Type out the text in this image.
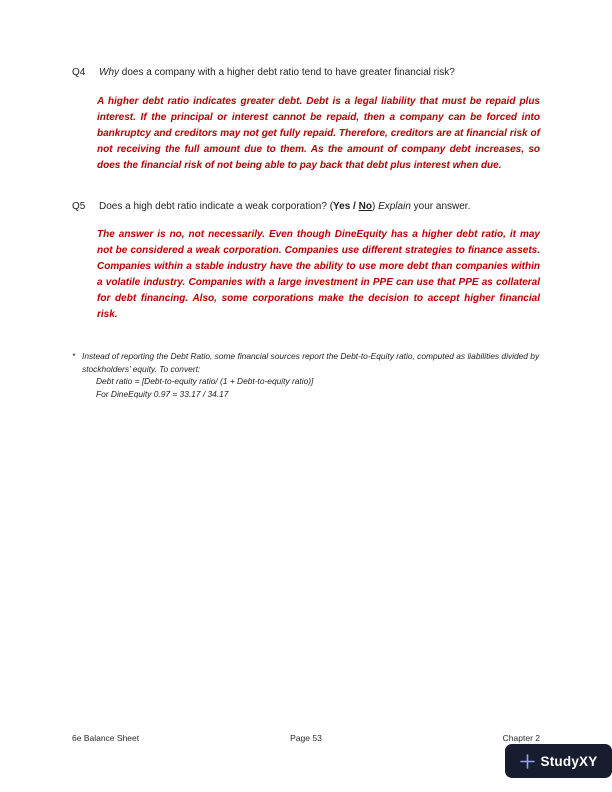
Q4	Why does a company with a higher debt ratio tend to have greater financial risk?

A higher debt ratio indicates greater debt. Debt is a legal liability that must be repaid plus interest. If the principal or interest cannot be repaid, then a company can be forced into bankruptcy and creditors may not get fully repaid. Therefore, creditors are at financial risk of not receiving the full amount due to them. As the amount of company debt increases, so does the financial risk of not being able to pay back that debt plus interest when due.

Q5	Does a high debt ratio indicate a weak corporation? (Yes / No) Explain your answer.

The answer is no, not necessarily. Even though DineEquity has a higher debt ratio, it may not be considered a weak corporation. Companies use different strategies to finance assets. Companies within a stable industry have the ability to use more debt than companies within a volatile industry. Companies with a large investment in PPE can use that PPE as collateral for debt financing. Also, some corporations make the decision to accept higher financial risk.

* Instead of reporting the Debt Ratio, some financial sources report the Debt-to-Equity ratio, computed as liabilities divided by stockholders’ equity. To convert:
Debt ratio = [Debt-to-equity ratio/ (1 + Debt-to-equity ratio)]
For DineEquity 0.97 = 33.17 / 34.17
6e Balance Sheet	Page 53	Chapter 2
StudyXY
